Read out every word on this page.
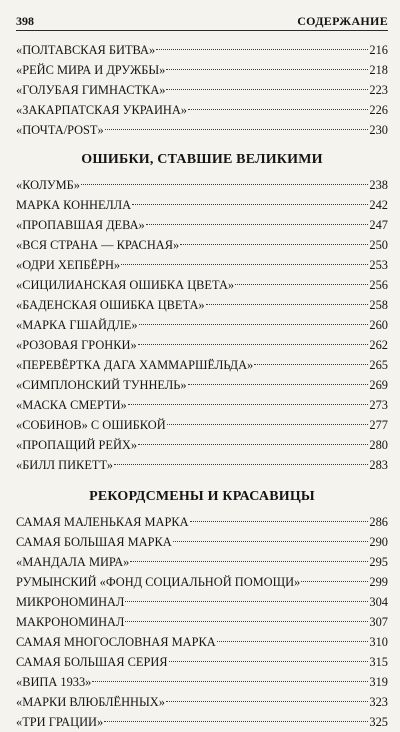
398	СОДЕРЖАНИЕ
«ПОЛТАВСКАЯ БИТВА»	216
«РЕЙС МИРА И ДРУЖБЫ»	218
«ГОЛУБАЯ ГИМНАСТКА»	223
«ЗАКАРПАТСКАЯ УКРАИНА»	226
«ПОЧТА/POST»	230
ОШИБКИ, СТАВШИЕ ВЕЛИКИМИ
«КОЛУМБ»	238
МАРКА КОННЕЛЛА	242
«ПРОПАВШАЯ ДЕВА»	247
«ВСЯ СТРАНА — КРАСНАЯ»	250
«ОДРИ ХЕПБЁРН»	253
«СИЦИЛИАНСКАЯ ОШИБКА ЦВЕТА»	256
«БАДЕНСКАЯ ОШИБКА ЦВЕТА»	258
«МАРКА ГШАЙДЛЕ»	260
«РОЗОВАЯ ГРОНКИ»	262
«ПЕРЕВЁРТКА ДАГА ХАММАРШЁЛЬДА»	265
«СИМПЛОНСКИЙ ТУННЕЛЬ»	269
«МАСКА СМЕРТИ»	273
«СОБИНОВ» С ОШИБКОЙ	277
«ПРОПАЩИЙ РЕЙХ»	280
«БИЛЛ ПИКЕТТ»	283
РЕКОРДСМЕНЫ И КРАСАВИЦЫ
САМАЯ МАЛЕНЬКАЯ МАРКА	286
САМАЯ БОЛЬШАЯ МАРКА	290
«МАНДАЛА МИРА»	295
РУМЫНСКИЙ «ФОНД СОЦИАЛЬНОЙ ПОМОЩИ»	299
МИКРОНОМИНАЛ	304
МАКРОНОМИНАЛ	307
САМАЯ МНОГОСЛОВНАЯ МАРКА	310
САМАЯ БОЛЬШАЯ СЕРИЯ	315
«ВИПА 1933»	319
«МАРКИ ВЛЮБЛЁННЫХ»	323
«ТРИ ГРАЦИИ»	325
